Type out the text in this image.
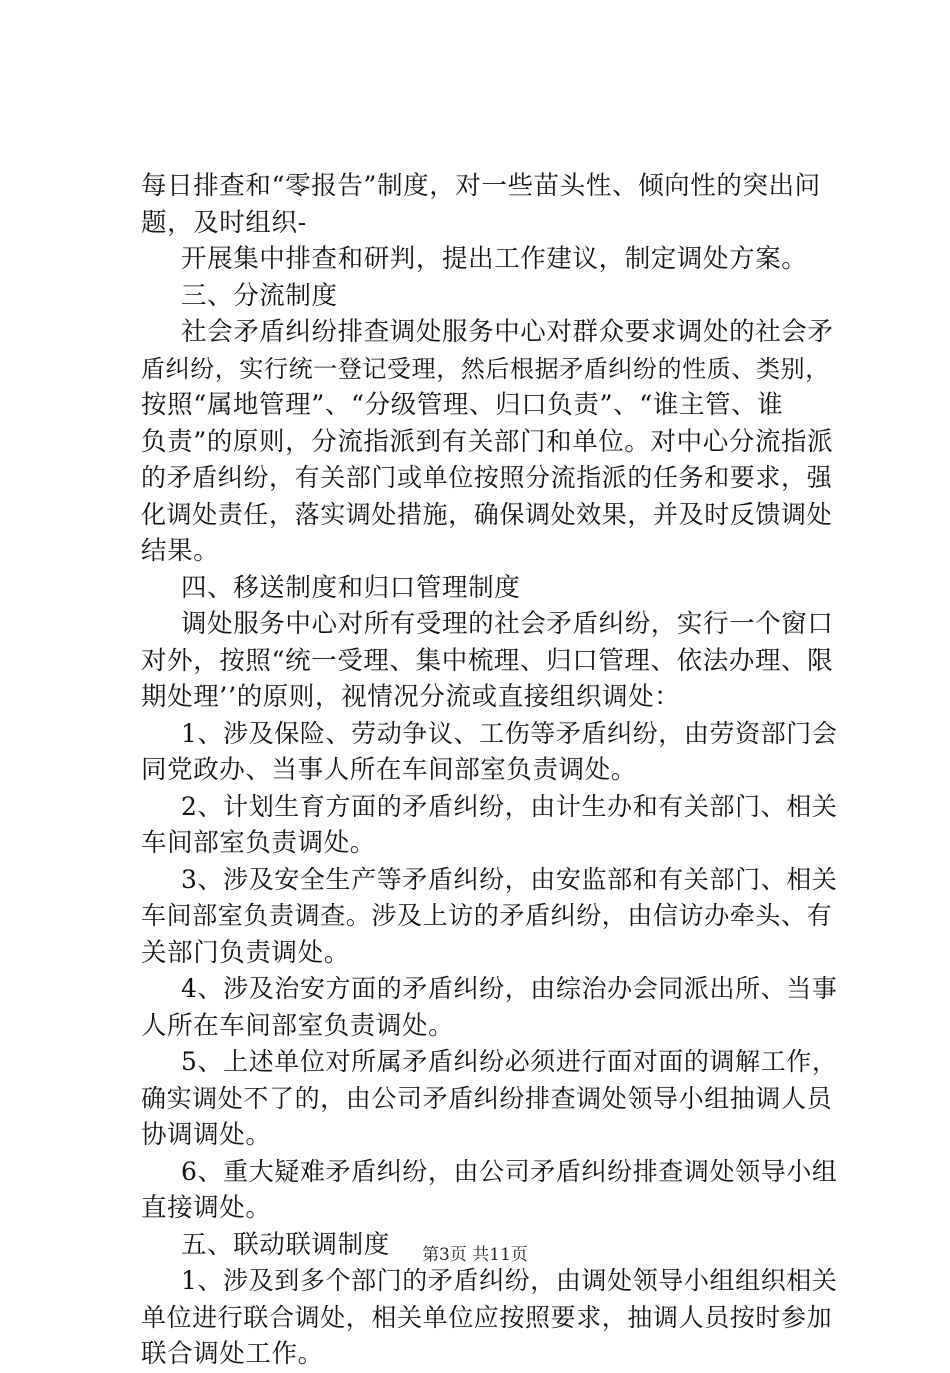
每日排查和“零报告”制度，对一些苗头性、倾向性的突出问
题，及时组织-
开展集中排查和研判，提出工作建议，制定调处方案。
三、分流制度
社会矛盾纠纷排查调处服务中心对群众要求调处的社会矛
盾纠纷，实行统一登记受理，然后根据矛盾纠纷的性质、类别，
按照“属地管理”、“分级管理、归口负责”、“谁主管、谁
负责”的原则，分流指派到有关部门和单位。对中心分流指派
的矛盾纠纷，有关部门或单位按照分流指派的任务和要求，强
化调处责任，落实调处措施，确保调处效果，并及时反馈调处
结果。
四、移送制度和归口管理制度
调处服务中心对所有受理的社会矛盾纠纷，实行一个窗口
对外，按照“统一受理、集中梳理、归口管理、依法办理、限
期处理’’的原则，视情况分流或直接组织调处：
1、涉及保险、劳动争议、工伤等矛盾纠纷，由劳资部门会
同党政办、当事人所在车间部室负责调处。
2、计划生育方面的矛盾纠纷，由计生办和有关部门、相关
车间部室负责调处。
3、涉及安全生产等矛盾纠纷，由安监部和有关部门、相关
车间部室负责调查。涉及上访的矛盾纠纷，由信访办牵头、有
关部门负责调处。
4、涉及治安方面的矛盾纠纷，由综治办会同派出所、当事
人所在车间部室负责调处。
5、上述单位对所属矛盾纠纷必须进行面对面的调解工作，
确实调处不了的，由公司矛盾纠纷排查调处领导小组抽调人员
协调调处。
6、重大疑难矛盾纠纷，由公司矛盾纠纷排查调处领导小组
直接调处。
五、联动联调制度
1、涉及到多个部门的矛盾纠纷，由调处领导小组组织相关
单位进行联合调处，相关单位应按照要求，抽调人员按时参加
联合调处工作。
第3页 共11页
